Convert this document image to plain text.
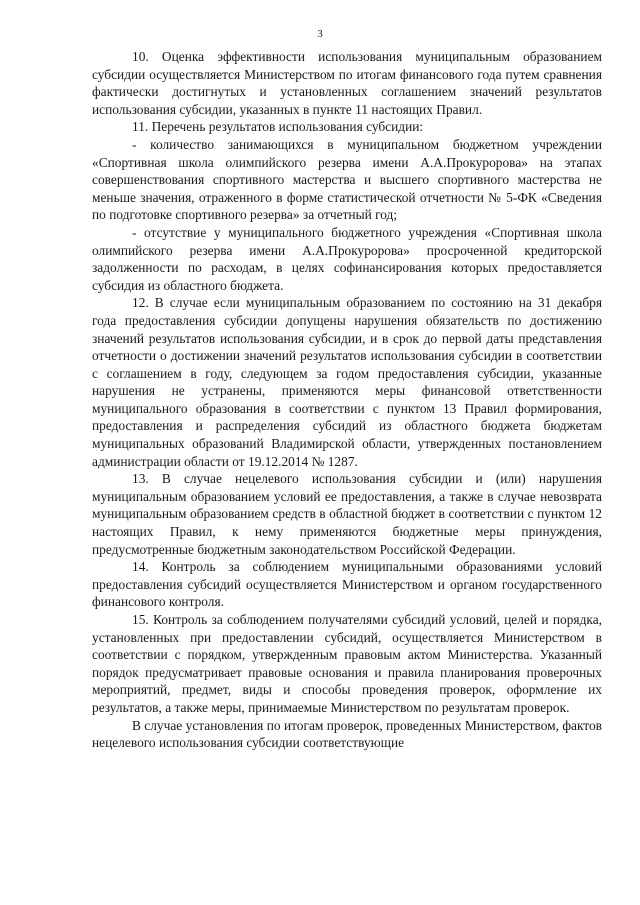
3

10. Оценка эффективности использования муниципальным образованием субсидии осуществляется Министерством по итогам финансового года путем сравнения фактически достигнутых и установленных соглашением значений результатов использования субсидии, указанных в пункте 11 настоящих Правил.

11. Перечень результатов использования субсидии:

- количество занимающихся в муниципальном бюджетном учреждении «Спортивная школа олимпийского резерва имени А.А.Прокуророва» на этапах совершенствования спортивного мастерства и высшего спортивного мастерства не меньше значения, отраженного в форме статистической отчетности № 5-ФК «Сведения по подготовке спортивного резерва» за отчетный год;

- отсутствие у муниципального бюджетного учреждения «Спортивная школа олимпийского резерва имени А.А.Прокуророва» просроченной кредиторской задолженности по расходам, в целях софинансирования которых предоставляется субсидия из областного бюджета.

12. В случае если муниципальным образованием по состоянию на 31 декабря года предоставления субсидии допущены нарушения обязательств по достижению значений результатов использования субсидии, и в срок до первой даты представления отчетности о достижении значений результатов использования субсидии в соответствии с соглашением в году, следующем за годом предоставления субсидии, указанные нарушения не устранены, применяются меры финансовой ответственности муниципального образования в соответствии с пунктом 13 Правил формирования, предоставления и распределения субсидий из областного бюджета бюджетам муниципальных образований Владимирской области, утвержденных постановлением администрации области от 19.12.2014 № 1287.

13. В случае нецелевого использования субсидии и (или) нарушения муниципальным образованием условий ее предоставления, а также в случае невозврата муниципальным образованием средств в областной бюджет в соответствии с пунктом 12 настоящих Правил, к нему применяются бюджетные меры принуждения, предусмотренные бюджетным законодательством Российской Федерации.

14. Контроль за соблюдением муниципальными образованиями условий предоставления субсидий осуществляется Министерством и органом государственного финансового контроля.

15. Контроль за соблюдением получателями субсидий условий, целей и порядка, установленных при предоставлении субсидий, осуществляется Министерством в соответствии с порядком, утвержденным правовым актом Министерства. Указанный порядок предусматривает правовые основания и правила планирования проверочных мероприятий, предмет, виды и способы проведения проверок, оформление их результатов, а также меры, принимаемые Министерством по результатам проверок.

В случае установления по итогам проверок, проведенных Министерством, фактов нецелевого использования субсидии соответствующие
